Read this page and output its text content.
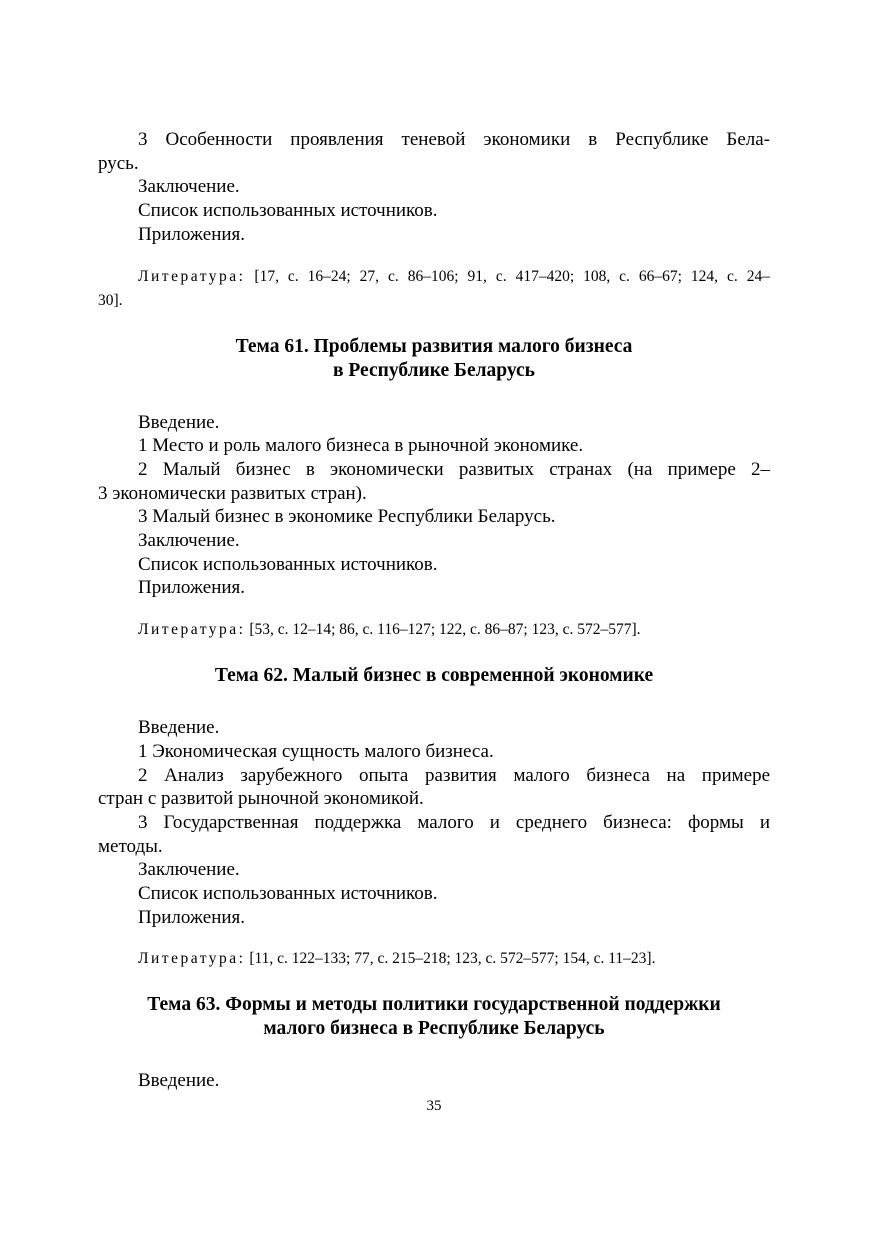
3 Особенности проявления теневой экономики в Республике Бела-

русь.

Заключение.

Список использованных источников.

Приложения.

Литература: [17, с. 16–24; 27, с. 86–106; 91, с. 417–420; 108, с. 66–67; 124, с. 24–

30].

Тема 61. Проблемы развития малого бизнеса
в Республике Беларусь

Введение.

1 Место и роль малого бизнеса в рыночной экономике.

2 Малый бизнес в экономически развитых странах (на примере 2–

3 экономически развитых стран).

3 Малый бизнес в экономике Республики Беларусь.

Заключение.

Список использованных источников.

Приложения.

Литература: [53, с. 12–14; 86, с. 116–127; 122, с. 86–87; 123, с. 572–577].

Тема 62. Малый бизнес в современной экономике

Введение.

1 Экономическая сущность малого бизнеса.

2 Анализ зарубежного опыта развития малого бизнеса на примере

стран с развитой рыночной экономикой.

3 Государственная поддержка малого и среднего бизнеса: формы и

методы.

Заключение.

Список использованных источников.

Приложения.

Литература: [11, с. 122–133; 77, с. 215–218; 123, с. 572–577; 154, с. 11–23].

Тема 63. Формы и методы политики государственной поддержки
малого бизнеса в Республике Беларусь

Введение.

35
